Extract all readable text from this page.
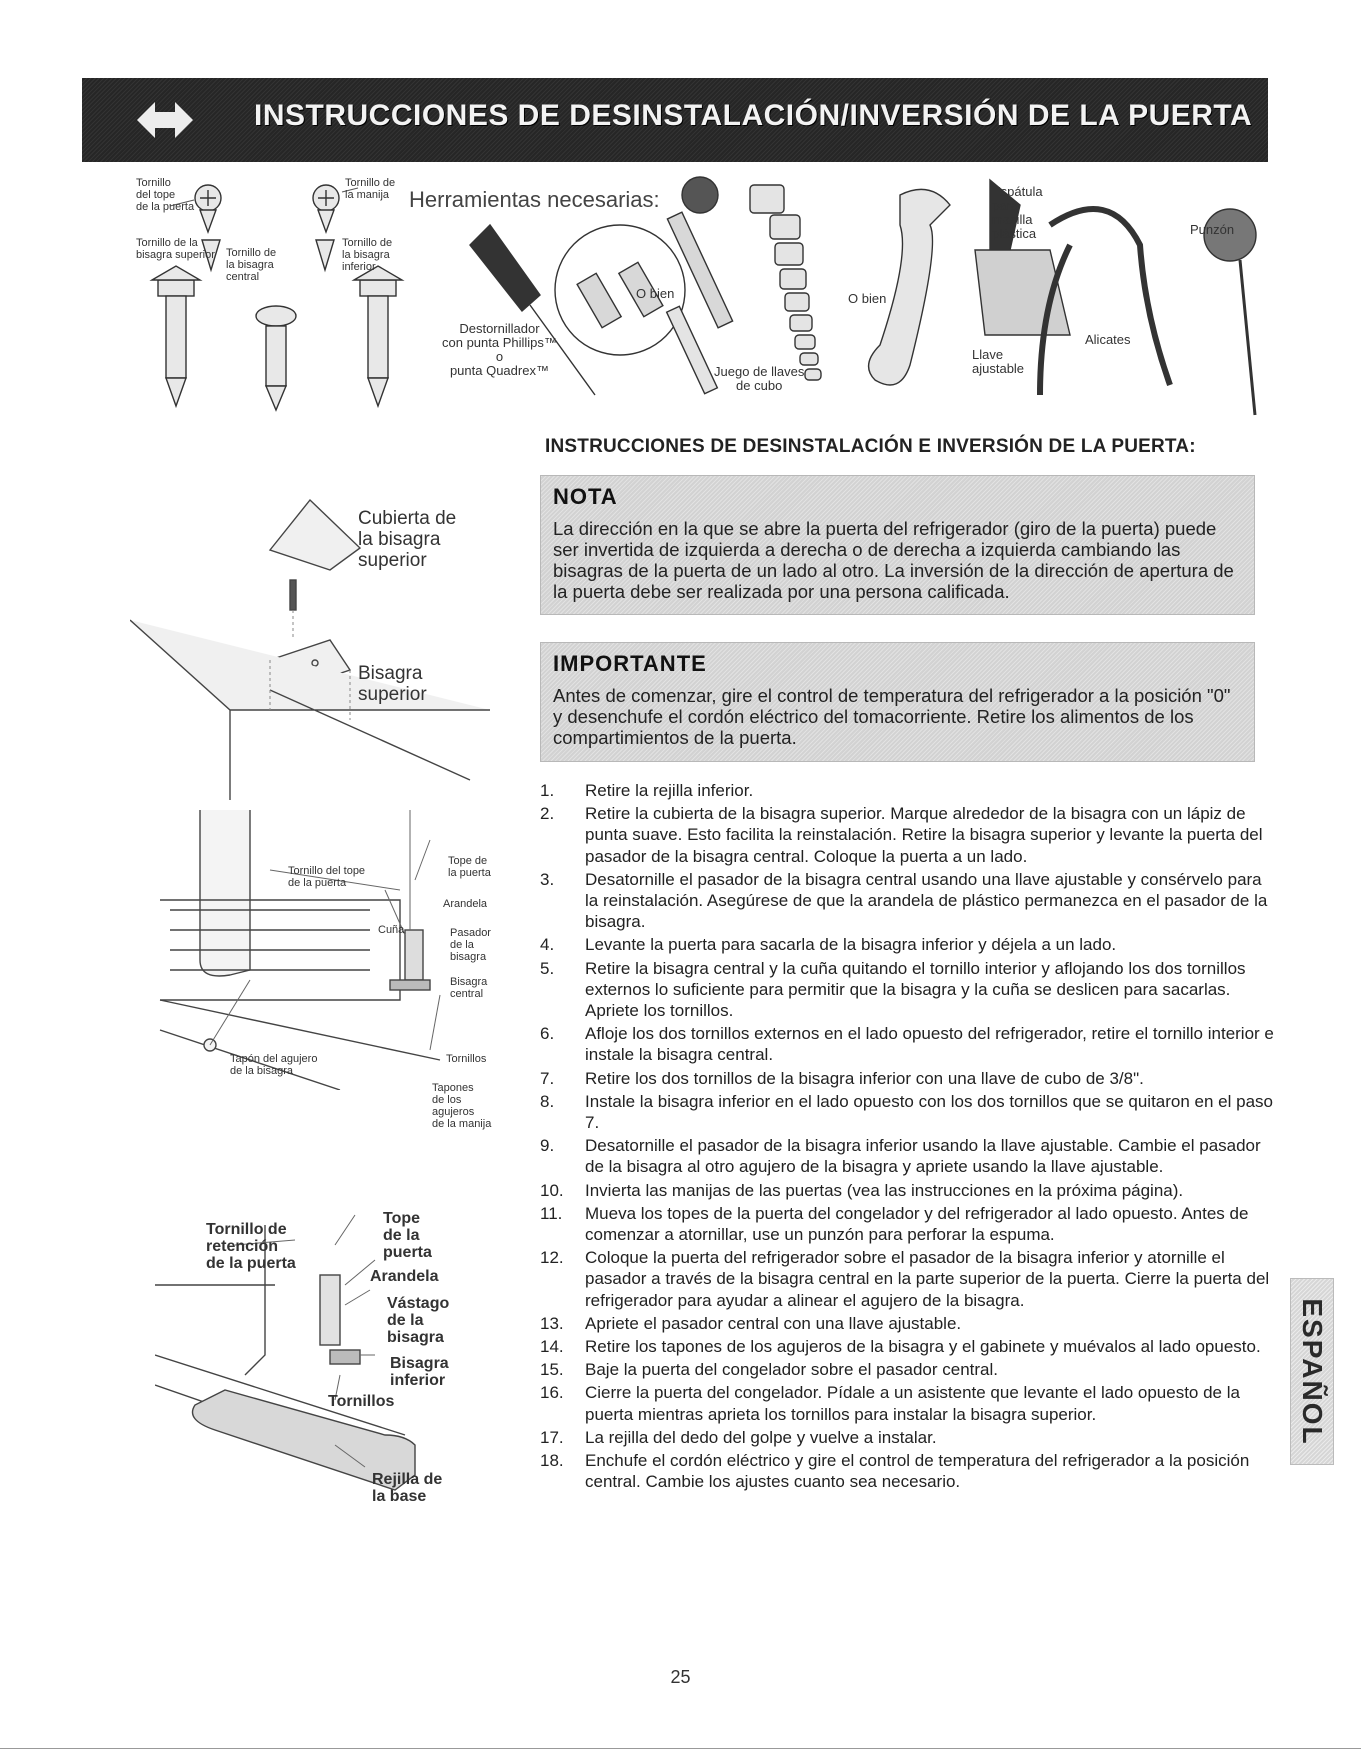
INSTRUCCIONES DE DESINSTALACIÓN/INVERSIÓN DE LA PUERTA
Tornillo
del tope
de la puerta
Tornillo de
la manija
Tornillo de la
bisagra superior Tornillo de
la bisagra
central
Tornillo de
la bisagra
inferior
Herramientas necesarias:
Destornillador
con punta Phillips™
o
punta Quadrex™
O bien
Juego de llaves
de cubo
O bien
Espátula
para
masilla
plástica
Llave
ajustable
Alicates
Punzón
Cubierta de
la bisagra
superior
Bisagra
superior
Tornillo del tope
de la puerta
Tope de
la puerta
Arandela
Cuña	Pasador
de la
bisagra
Bisagra
central
Tapón del agujero
de la bisagra
Tornillos
Tapones
de los
agujeros
de la manija
Tornillo de
retención
de la puerta
Tope
de la
puerta
Arandela
Vástago
de la
bisagra
Bisagra
inferior
Tornillos
Rejilla de
la base
INSTRUCCIONES DE DESINSTALACIÓN E INVERSIÓN DE LA PUERTA:
NOTA
La dirección en la que se abre la puerta del refrigerador (giro de la puerta) puede ser invertida de izquierda a derecha o de derecha a izquierda cambiando las bisagras de la puerta de un lado al otro. La inversión de la dirección de apertura de la puerta debe ser realizada por una persona calificada.
IMPORTANTE
Antes de comenzar, gire el control de temperatura del refrigerador a la posición "0" y desenchufe el cordón eléctrico del tomacorriente. Retire los alimentos de los compartimientos de la puerta.
1. Retire la rejilla inferior.
2. Retire la cubierta de la bisagra superior. Marque alrededor de la bisagra con un lápiz de punta suave. Esto facilita la reinstalación. Retire la bisagra superior y levante la puerta del pasador de la bisagra central. Coloque la puerta a un lado.
3. Desatornille el pasador de la bisagra central usando una llave ajustable y consérvelo para la reinstalación. Asegúrese de que la arandela de plástico permanezca en el pasador de la bisagra.
4. Levante la puerta para sacarla de la bisagra inferior y déjela a un lado.
5. Retire la bisagra central y la cuña quitando el tornillo interior y aflojando los dos tornillos externos lo suficiente para permitir que la bisagra y la cuña se deslicen para sacarlas. Apriete los tornillos.
6. Afloje los dos tornillos externos en el lado opuesto del refrigerador, retire el tornillo interior e instale la bisagra central.
7. Retire los dos tornillos de la bisagra inferior con una llave de cubo de 3/8".
8. Instale la bisagra inferior en el lado opuesto con los dos tornillos que se quitaron en el paso 7.
9. Desatornille el pasador de la bisagra inferior usando la llave ajustable. Cambie el pasador de la bisagra al otro agujero de la bisagra y apriete usando la llave ajustable.
10. Invierta las manijas de las puertas (vea las instrucciones en la próxima página).
11. Mueva los topes de la puerta del congelador y del refrigerador al lado opuesto. Antes de comenzar a atornillar, use un punzón para perforar la espuma.
12. Coloque la puerta del refrigerador sobre el pasador de la bisagra inferior y atornille el pasador a través de la bisagra central en la parte superior de la puerta. Cierre la puerta del refrigerador para ayudar a alinear el agujero de la bisagra.
13. Apriete el pasador central con una llave ajustable.
14. Retire los tapones de los agujeros de la bisagra y el gabinete y muévalos al lado opuesto.
15. Baje la puerta del congelador sobre el pasador central.
16. Cierre la puerta del congelador. Pídale a un asistente que levante el lado opuesto de la puerta mientras aprieta los tornillos para instalar la bisagra superior.
17. La rejilla del dedo del golpe y vuelve a instalar.
18. Enchufe el cordón eléctrico y gire el control de temperatura del refrigerador a la posición central. Cambie los ajustes cuanto sea necesario.
ESPAÑOL
25
